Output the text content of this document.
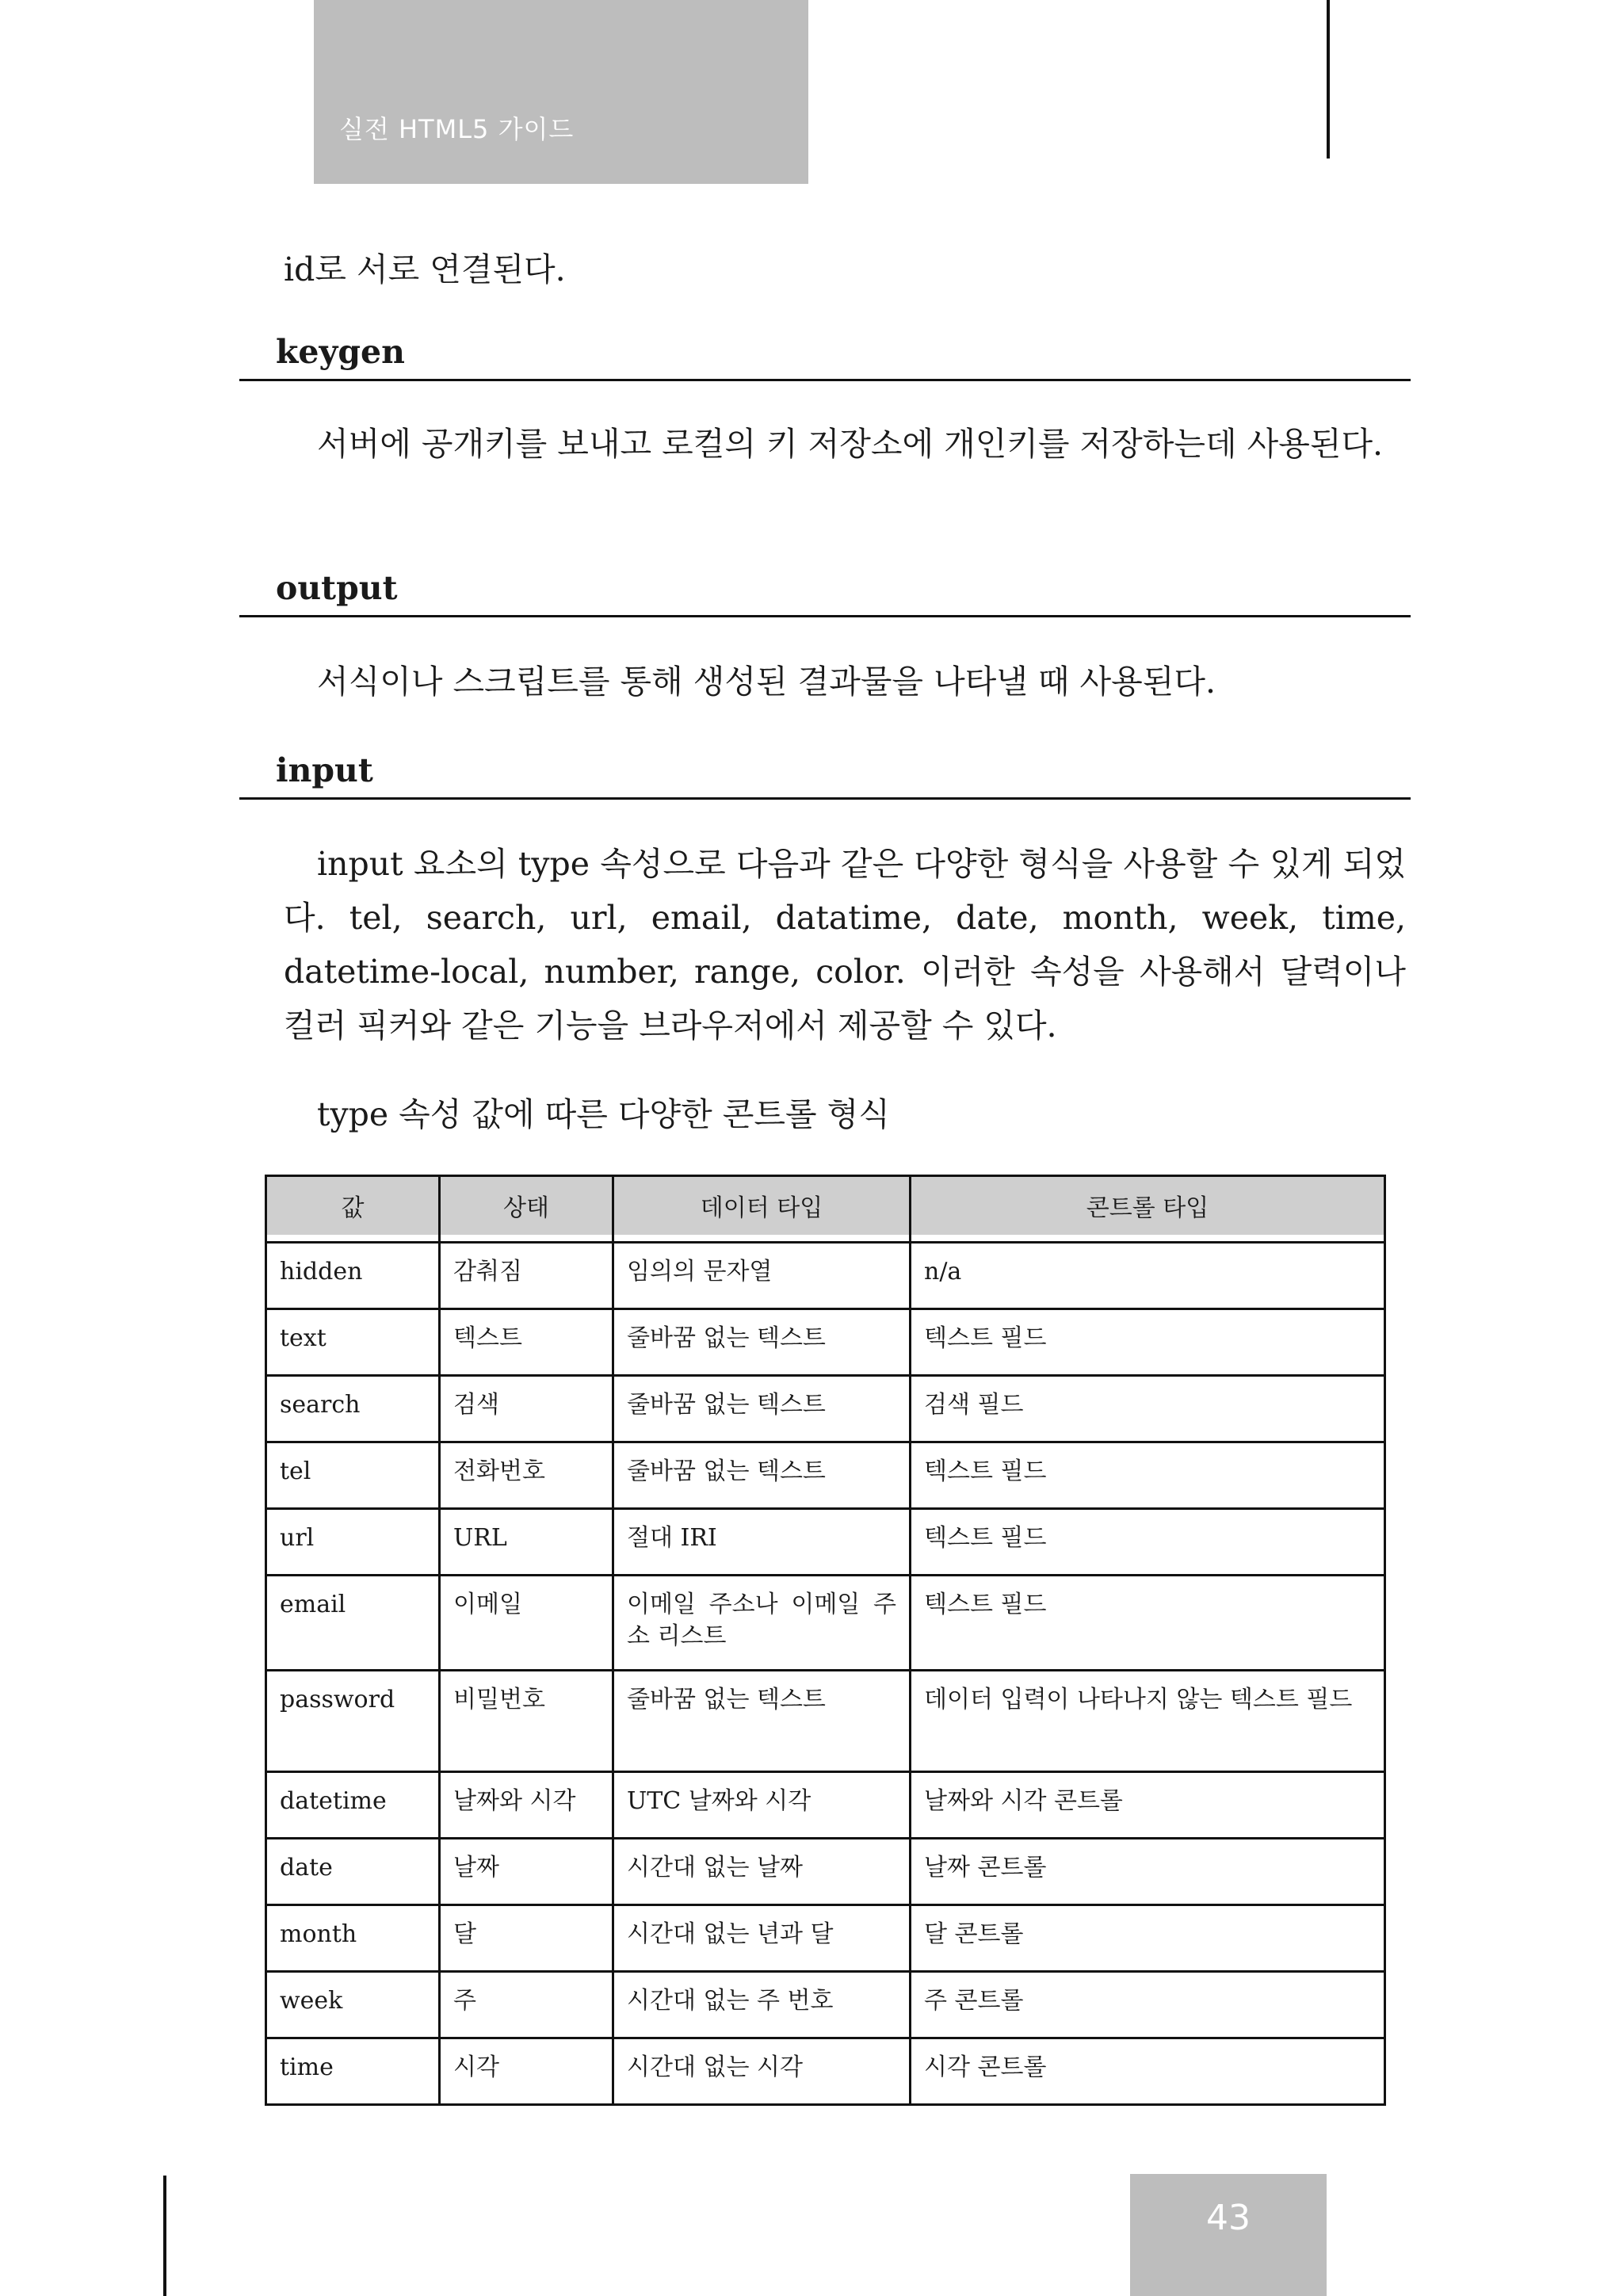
실전 HTML5 가이드

id로 서로 연결된다.

keygen

서버에 공개키를 보내고 로컬의 키 저장소에 개인키를 저장하는데 사용된다.

output

서식이나 스크립트를 통해 생성된 결과물을 나타낼 때 사용된다.

input

input 요소의 type 속성으로 다음과 같은 다양한 형식을 사용할 수 있게 되었다. tel, search, url, email, datatime, date, month, week, time, datetime-local, number, range, color. 이러한 속성을 사용해서 달력이나 컬러 픽커와 같은 기능을 브라우저에서 제공할 수 있다.

type 속성 값에 따른 다양한 콘트롤 형식

값	상태	데이터 타입	콘트롤 타입

hidden	감춰짐	임의의 문자열	n/a
text	텍스트	줄바꿈 없는 텍스트	텍스트 필드
search	검색	줄바꿈 없는 텍스트	검색 필드
tel	전화번호	줄바꿈 없는 텍스트	텍스트 필드
url	URL	절대 IRI	텍스트 필드
email	이메일	이메일 주소나 이메일 주소 리스트	텍스트 필드
password	비밀번호	줄바꿈 없는 텍스트	데이터 입력이 나타나지 않는 텍스트 필드
datetime	날짜와 시각	UTC 날짜와 시각	날짜와 시각 콘트롤
date	날짜	시간대 없는 날짜	날짜 콘트롤
month	달	시간대 없는 년과 달	달 콘트롤
week	주	시간대 없는 주 번호	주 콘트롤
time	시각	시간대 없는 시각	시각 콘트롤
43
